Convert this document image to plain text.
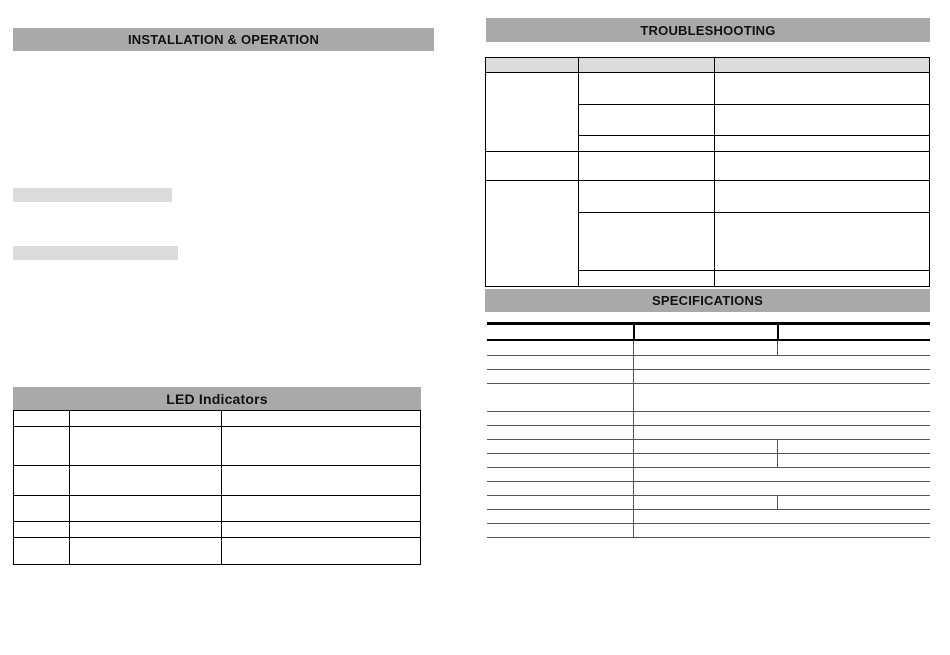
INSTALLATION & OPERATION
LED Indicators
TROUBLESHOOTING
SPECIFICATIONS
